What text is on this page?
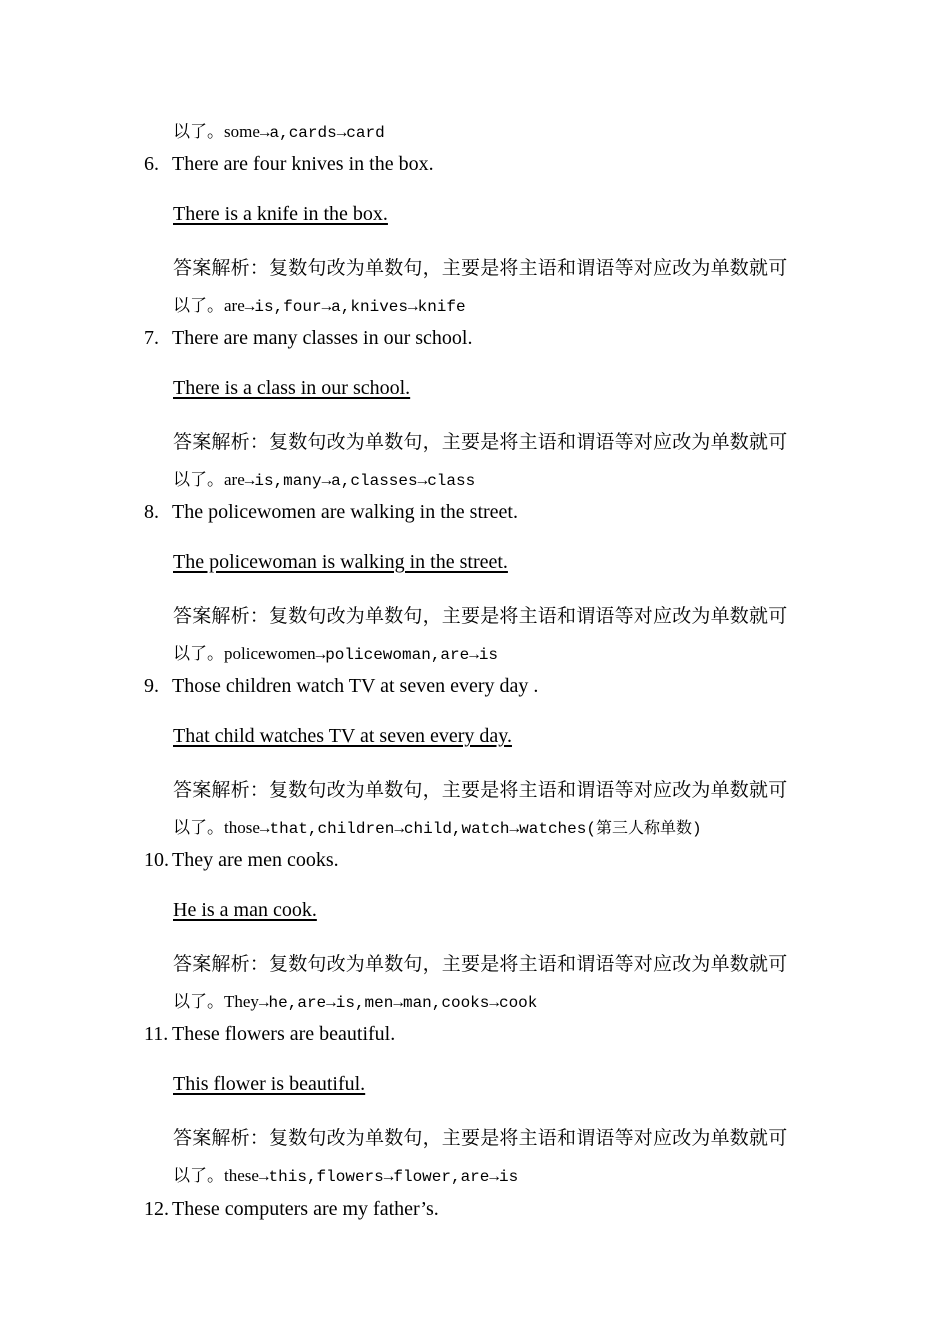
以了。some→a,cards→card
6. There are four knives in the box.
There is a knife in the box.
答案解析：复数句改为单数句，主要是将主语和谓语等对应改为单数就可
以了。are→is,four→a,knives→knife
7. There are many classes in our school.
There is a class in our school.
答案解析：复数句改为单数句，主要是将主语和谓语等对应改为单数就可
以了。are→is,many→a,classes→class
8. The policewomen are walking in the street.
The policewoman is walking in the street.
答案解析：复数句改为单数句，主要是将主语和谓语等对应改为单数就可
以了。policewomen→policewoman,are→is
9. Those children watch TV at seven every day .
That child watches TV at seven every day.
答案解析：复数句改为单数句，主要是将主语和谓语等对应改为单数就可
以了。those→that,children→child,watch→watches(第三人称单数)
10. They are men cooks.
He is a man cook.
答案解析：复数句改为单数句，主要是将主语和谓语等对应改为单数就可
以了。They→he,are→is,men→man,cooks→cook
11. These flowers are beautiful.
This flower is beautiful.
答案解析：复数句改为单数句，主要是将主语和谓语等对应改为单数就可
以了。these→this,flowers→flower,are→is
12. These computers are my father’s.
